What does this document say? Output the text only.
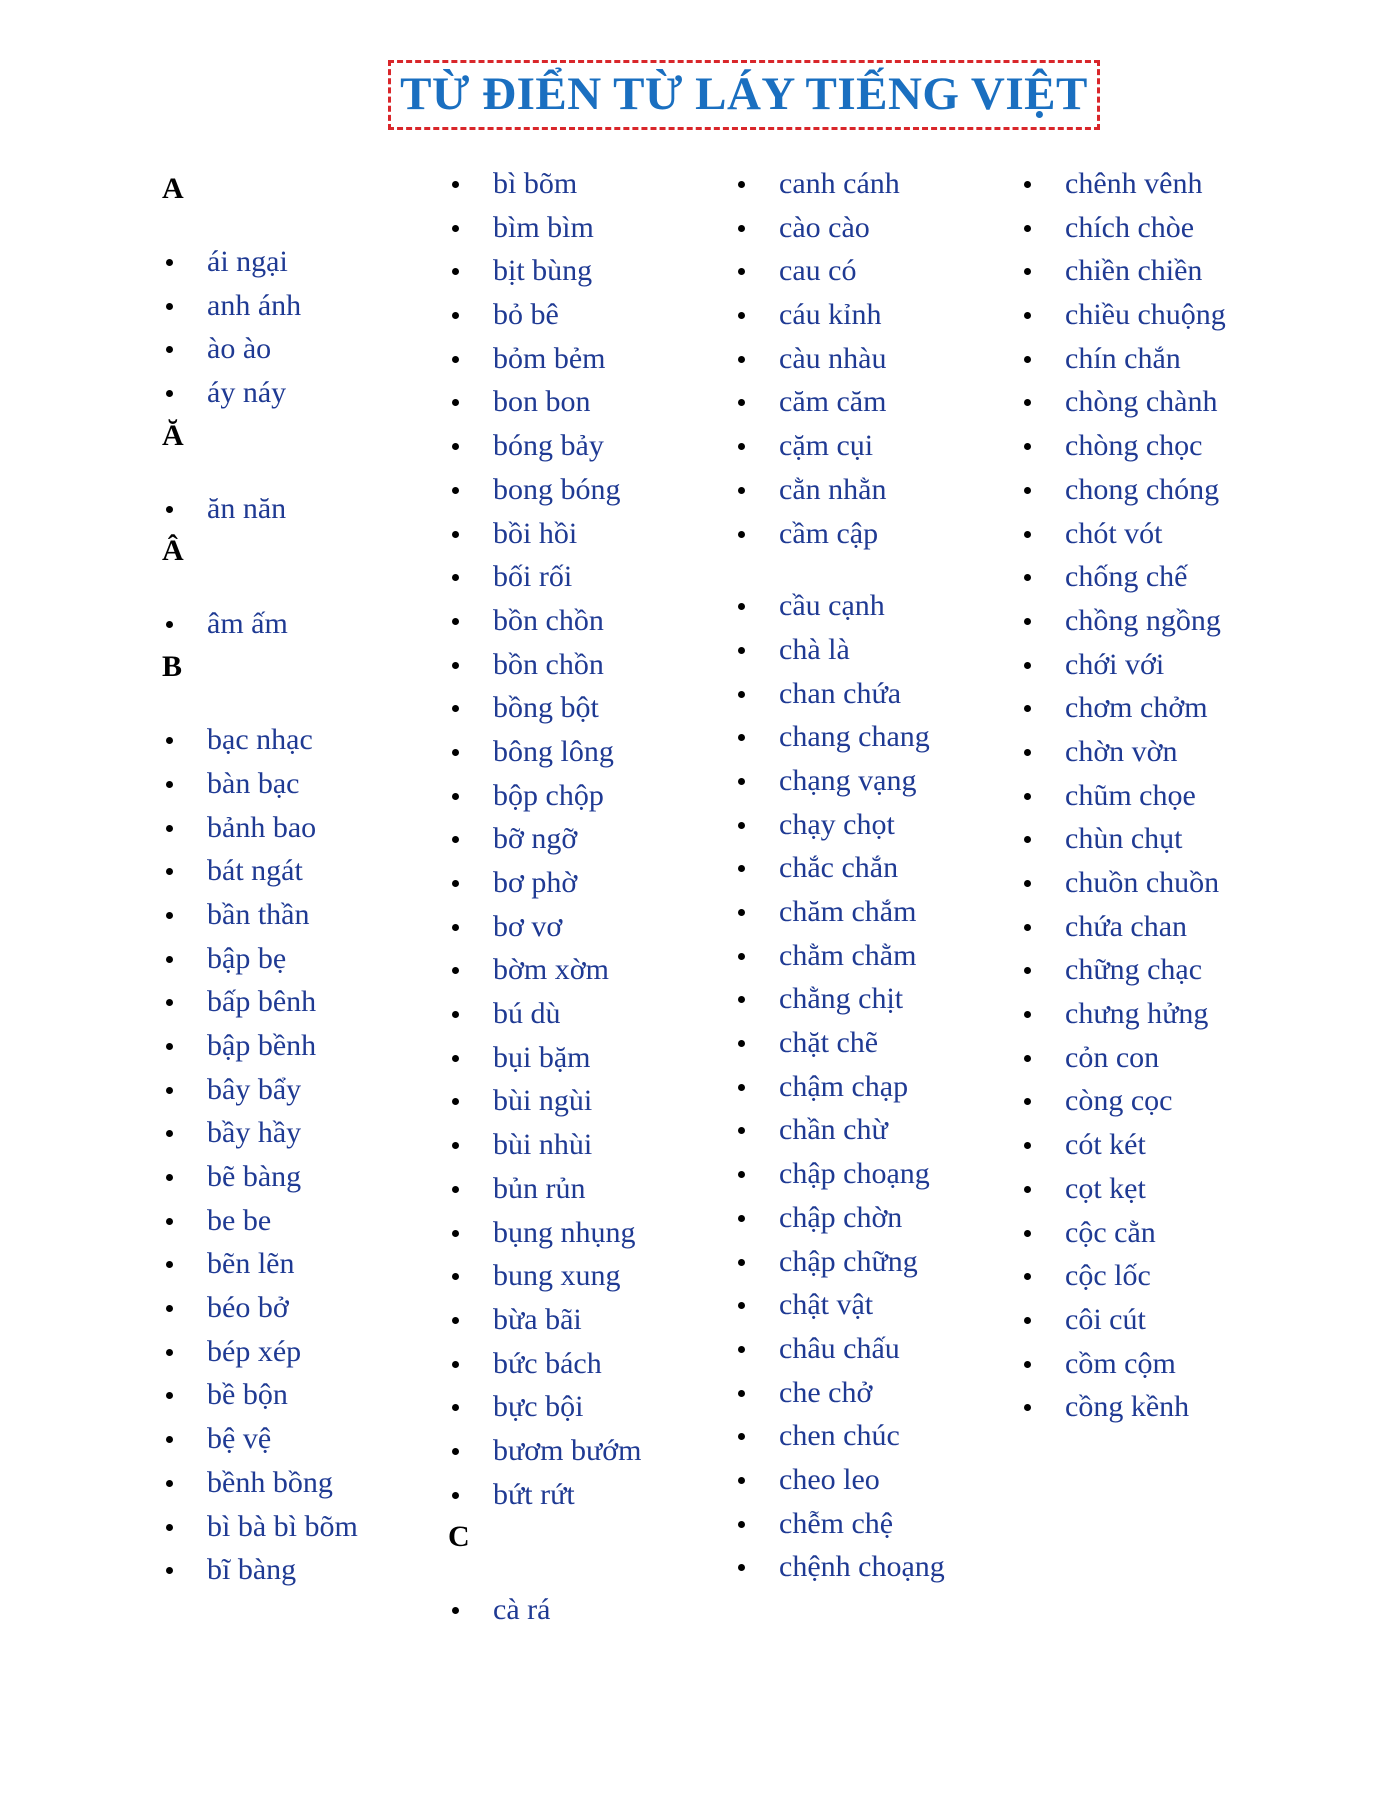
TỪ ĐIỂN TỪ LÁY TIẾNG VIỆT
A
ái ngại
anh ánh
ào ào
áy náy
Ă
ăn năn
Â
âm ấm
B
bạc nhạc
bàn bạc
bảnh bao
bát ngát
bần thần
bập bẹ
bấp bênh
bập bềnh
bây bẩy
bầy hầy
bẽ bàng
be be
bẽn lẽn
béo bở
bép xép
bề bộn
bệ vệ
bềnh bồng
bì bà bì bõm
bĩ bàng
bì bõm
bìm bìm
bịt bùng
bỏ bê
bỏm bẻm
bon bon
bóng bảy
bong bóng
bồi hồi
bối rối
bồn chồn
bồn chồn
bồng bột
bông lông
bộp chộp
bỡ ngỡ
bơ phờ
bơ vơ
bờm xờm
bú dù
bụi bặm
bùi ngùi
bùi nhùi
bủn rủn
bụng nhụng
bung xung
bừa bãi
bức bách
bực bội
bươm bướm
bứt rứt
C
cà rá
canh cánh
cào cào
cau có
cáu kỉnh
càu nhàu
căm căm
cặm cụi
cằn nhằn
cầm cập
cầu cạnh
chà là
chan chứa
chang chang
chạng vạng
chạy chọt
chắc chắn
chăm chắm
chằm chằm
chằng chịt
chặt chẽ
chậm chạp
chần chừ
chập choạng
chập chờn
chập chững
chật vật
châu chấu
che chở
chen chúc
cheo leo
chễm chệ
chệnh choạng
chênh vênh
chích chòe
chiền chiền
chiều chuộng
chín chắn
chòng chành
chòng chọc
chong chóng
chót vót
chống chế
chồng ngồng
chới với
chơm chởm
chờn vờn
chũm chọe
chùn chụt
chuồn chuồn
chứa chan
chững chạc
chưng hửng
cỏn con
còng cọc
cót két
cọt kẹt
cộc cằn
cộc lốc
côi cút
cồm cộm
cồng kềnh
